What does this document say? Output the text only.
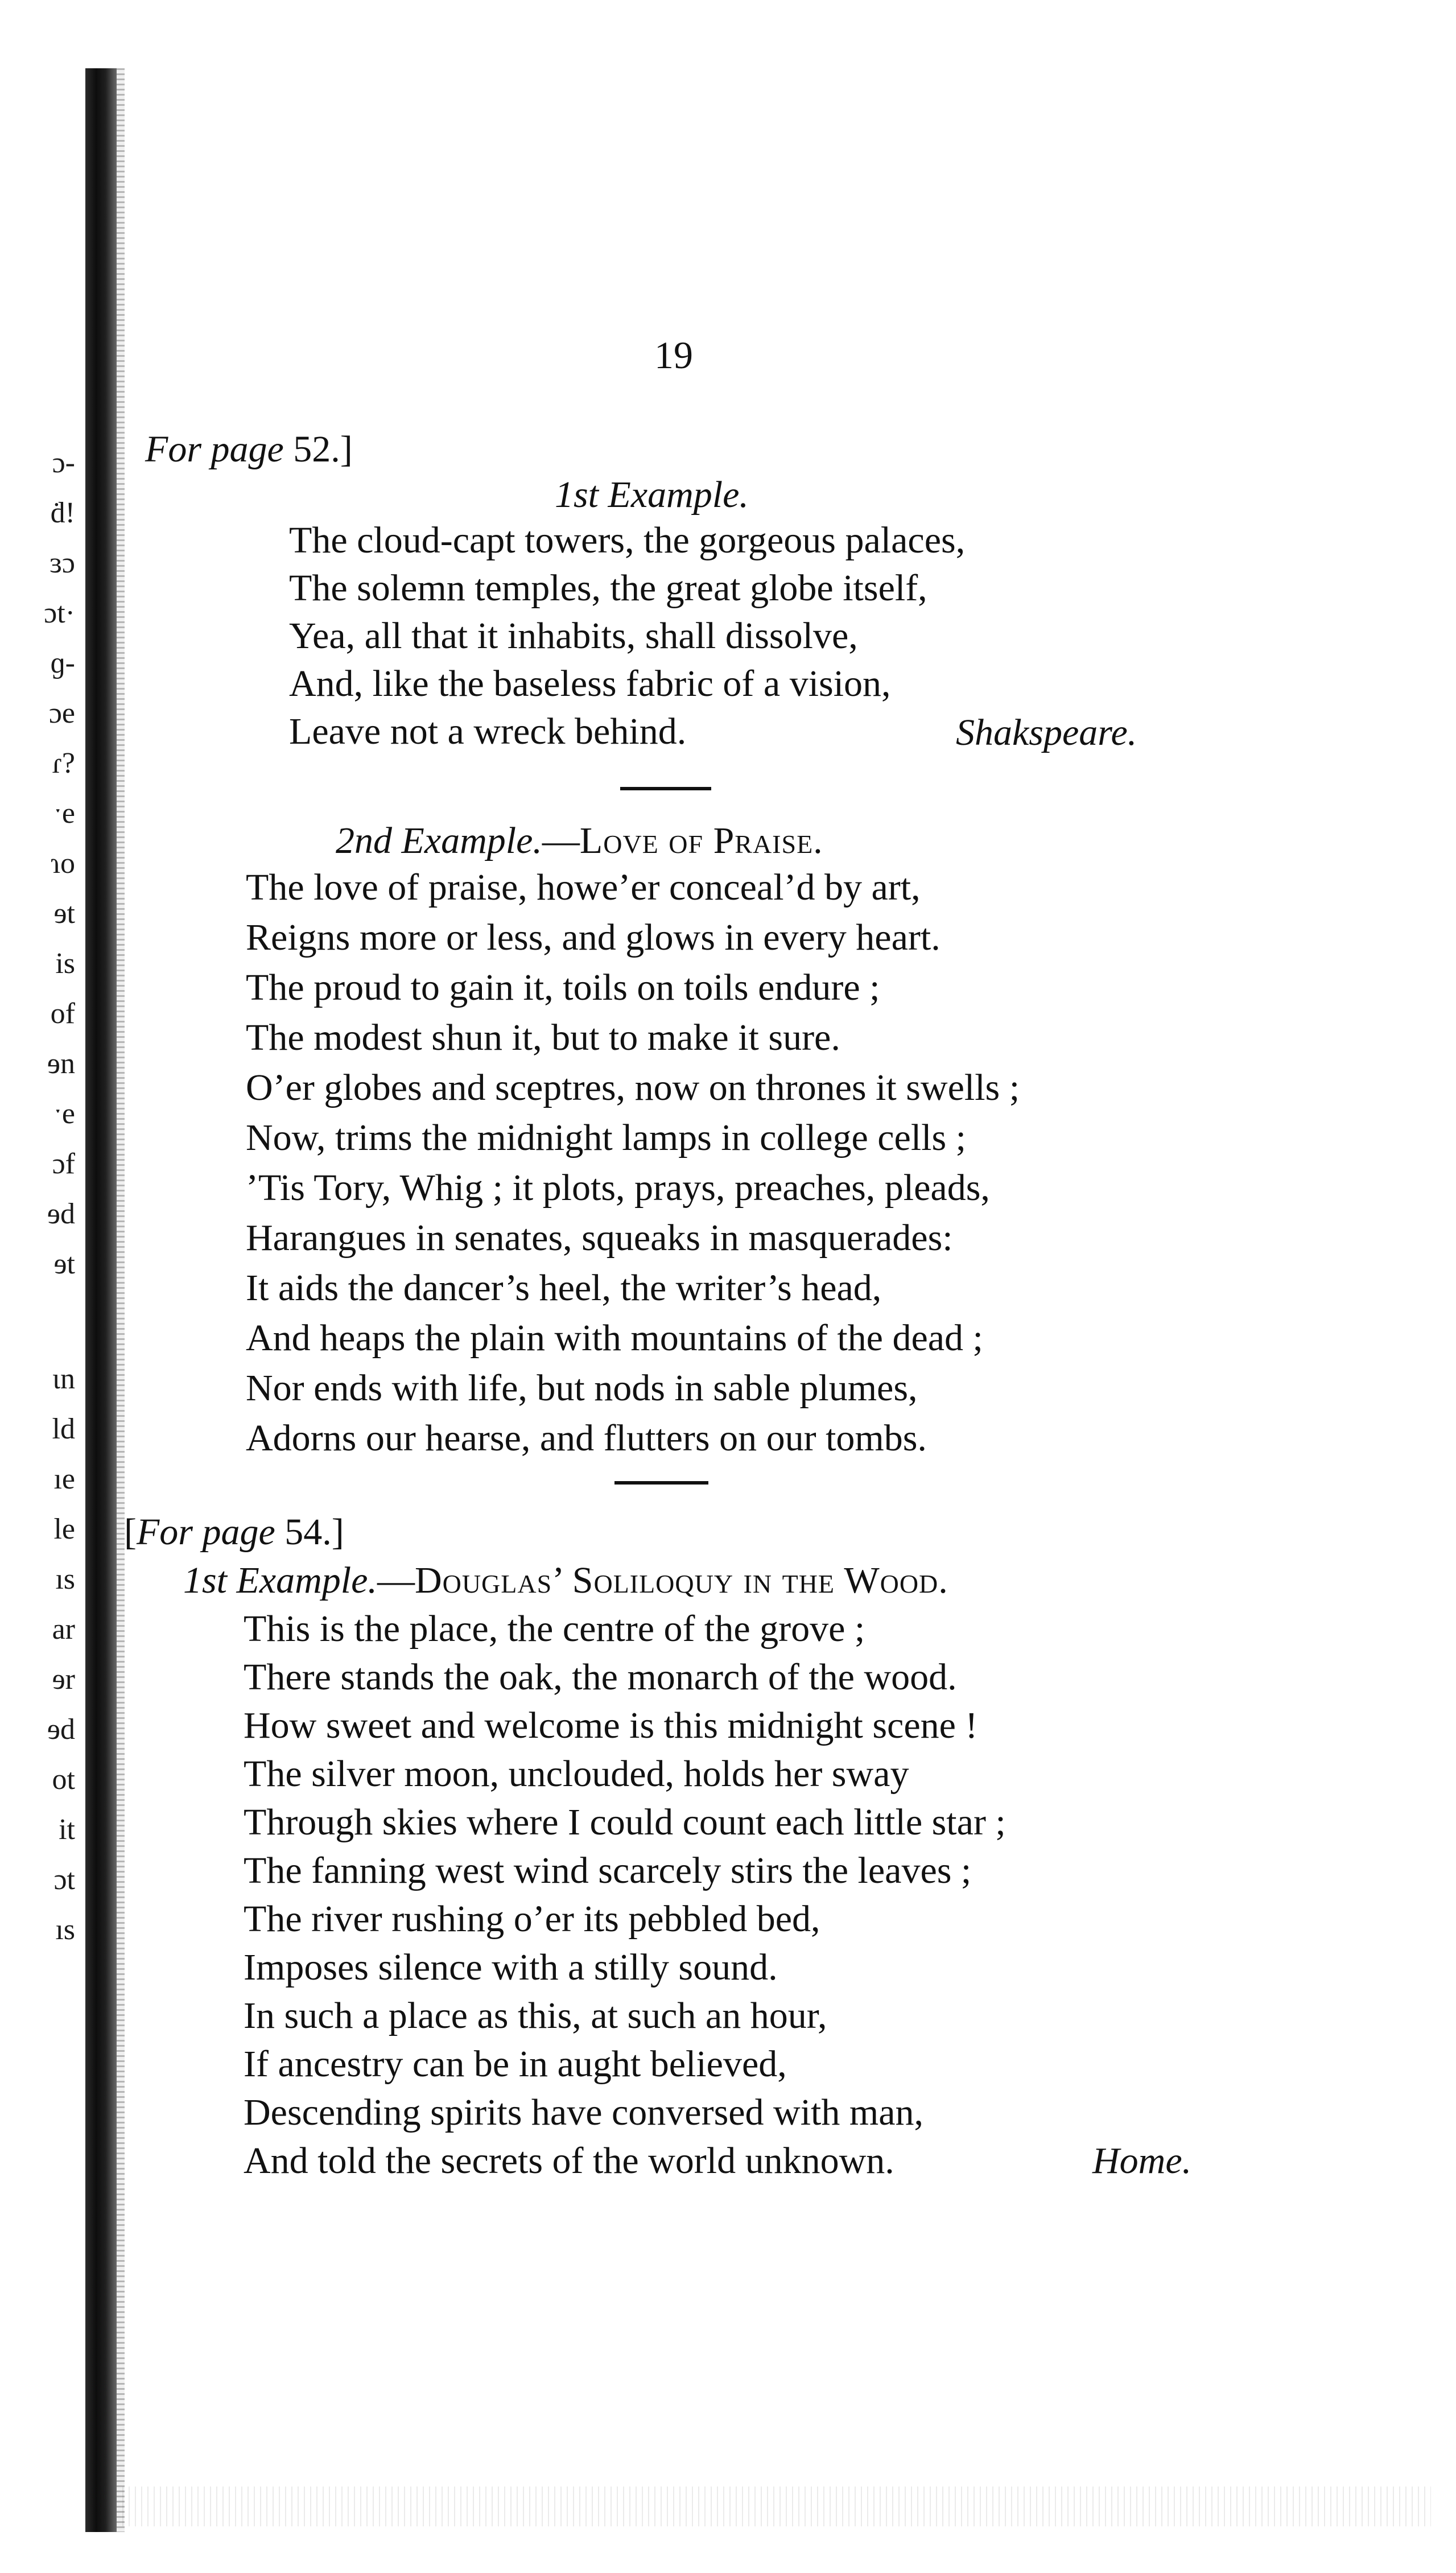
ɔ-
ḋ!
ɜɔ
ɔt·
ɡ-
ɔe
ɾ?
ˑe
ɿo
ɘt
is
of
ɘn
ˑe
ɔf
ɘd
ɘt
ɩn
ld
ıe
le
ıs
ar
ɘr
ɘd
ot
it
ɔt
ıs
19
For page 52.]
1st Example.
The cloud-capt towers, the gorgeous palaces,
The solemn temples, the great globe itself,
Yea, all that it inhabits, shall dissolve,
And, like the baseless fabric of a vision,
Leave not a wreck behind.	Shakspeare.
2nd Example.—Love of Praise.
The love of praise, howe’er conceal’d by art,
Reigns more or less, and glows in every heart.
The proud to gain it, toils on toils endure ;
The modest shun it, but to make it sure.
O’er globes and sceptres, now on thrones it swells ;
Now, trims the midnight lamps in college cells ;
’Tis Tory, Whig ; it plots, prays, preaches, pleads,
Harangues in senates, squeaks in masquerades:
It aids the dancer’s heel, the writer’s head,
And heaps the plain with mountains of the dead ;
Nor ends with life, but nods in sable plumes,
Adorns our hearse, and flutters on our tombs.
[For page 54.]
1st Example.—Douglas’ Soliloquy in the Wood.
This is the place, the centre of the grove ;
There stands the oak, the monarch of the wood.
How sweet and welcome is this midnight scene !
The silver moon, unclouded, holds her sway
Through skies where I could count each little star ;
The fanning west wind scarcely stirs the leaves ;
The river rushing o’er its pebbled bed,
Imposes silence with a stilly sound.
In such a place as this, at such an hour,
If ancestry can be in aught believed,
Descending spirits have conversed with man,
And told the secrets of the world unknown.	Home.
